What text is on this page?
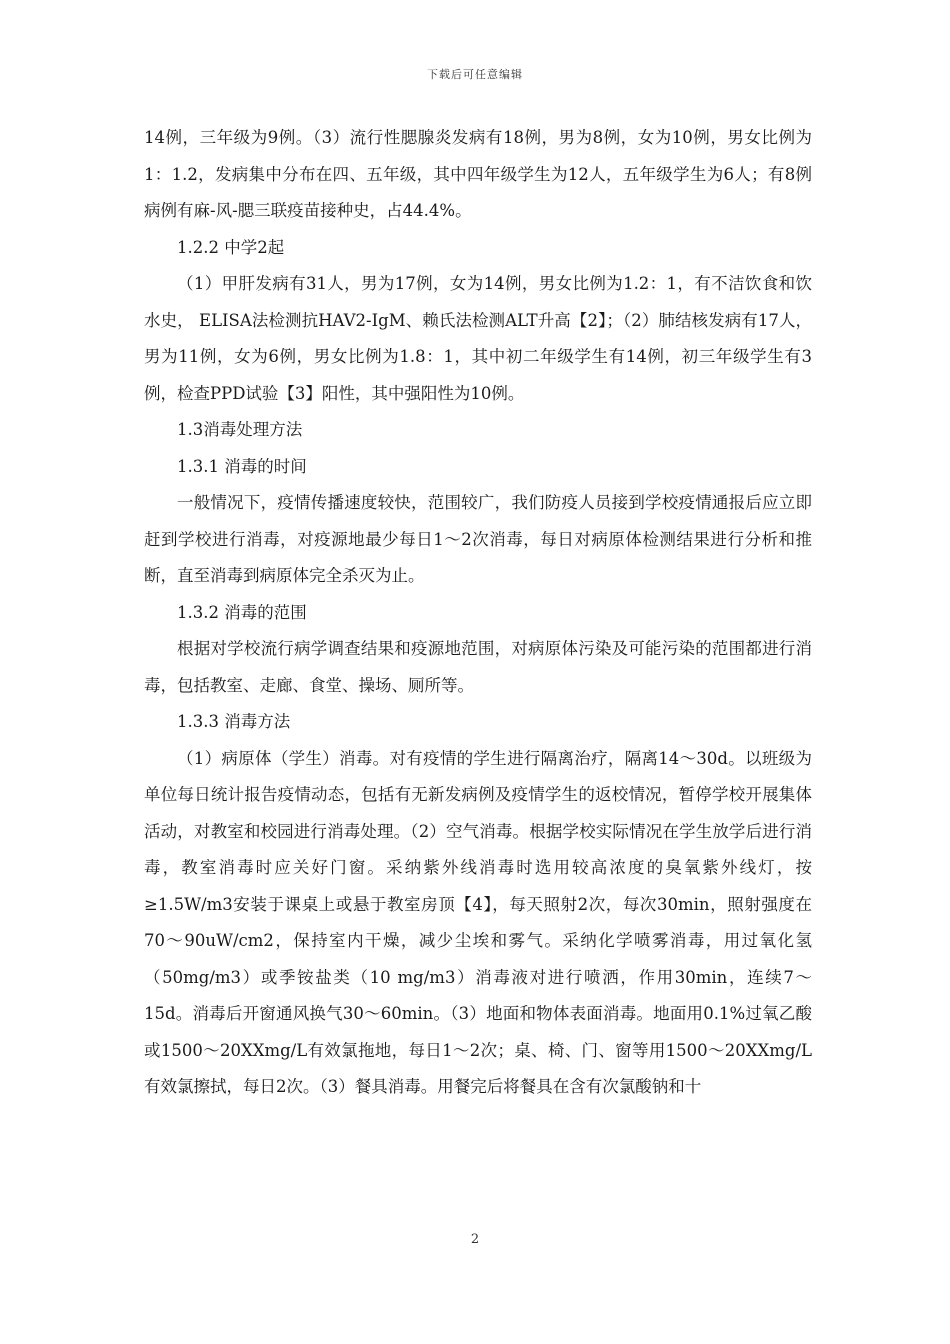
下载后可任意编辑

14例，三年级为9例。（3）流行性腮腺炎发病有18例，男为8例，女为10例，男女比例为1：1.2，发病集中分布在四、五年级，其中四年级学生为12人，五年级学生为6人；有8例病例有麻-风-腮三联疫苗接种史，占44.4%。

1.2.2 中学2起

（1）甲肝发病有31人，男为17例，女为14例，男女比例为1.2：1，有不洁饮食和饮水史， ELISA法检测抗HAV2-IgM、赖氏法检测ALT升高【2】；（2）肺结核发病有17人，男为11例，女为6例，男女比例为1.8：1，其中初二年级学生有14例，初三年级学生有3例，检查PPD试验【3】阳性，其中强阳性为10例。

1.3消毒处理方法

1.3.1 消毒的时间

一般情况下，疫情传播速度较快，范围较广，我们防疫人员接到学校疫情通报后应立即赶到学校进行消毒，对疫源地最少每日1～2次消毒，每日对病原体检测结果进行分析和推断，直至消毒到病原体完全杀灭为止。

1.3.2 消毒的范围

根据对学校流行病学调查结果和疫源地范围，对病原体污染及可能污染的范围都进行消毒，包括教室、走廊、食堂、操场、厕所等。

1.3.3 消毒方法

（1）病原体（学生）消毒。对有疫情的学生进行隔离治疗，隔离14～30d。以班级为单位每日统计报告疫情动态，包括有无新发病例及疫情学生的返校情况，暂停学校开展集体活动，对教室和校园进行消毒处理。（2）空气消毒。根据学校实际情况在学生放学后进行消毒，教室消毒时应关好门窗。采纳紫外线消毒时选用较高浓度的臭氧紫外线灯，按≥1.5W/m3安装于课桌上或悬于教室房顶【4】，每天照射2次，每次30min，照射强度在70～90uW/cm2，保持室内干燥，减少尘埃和雾气。采纳化学喷雾消毒，用过氧化氢（50mg/m3）或季铵盐类（10 mg/m3）消毒液对进行喷洒，作用30min，连续7～15d。消毒后开窗通风换气30～60min。（3）地面和物体表面消毒。地面用0.1%过氧乙酸或1500～20XXmg/L有效氯拖地，每日1～2次；桌、椅、门、窗等用1500～20XXmg/L有效氯擦拭，每日2次。（3）餐具消毒。用餐完后将餐具在含有次氯酸钠和十

2
